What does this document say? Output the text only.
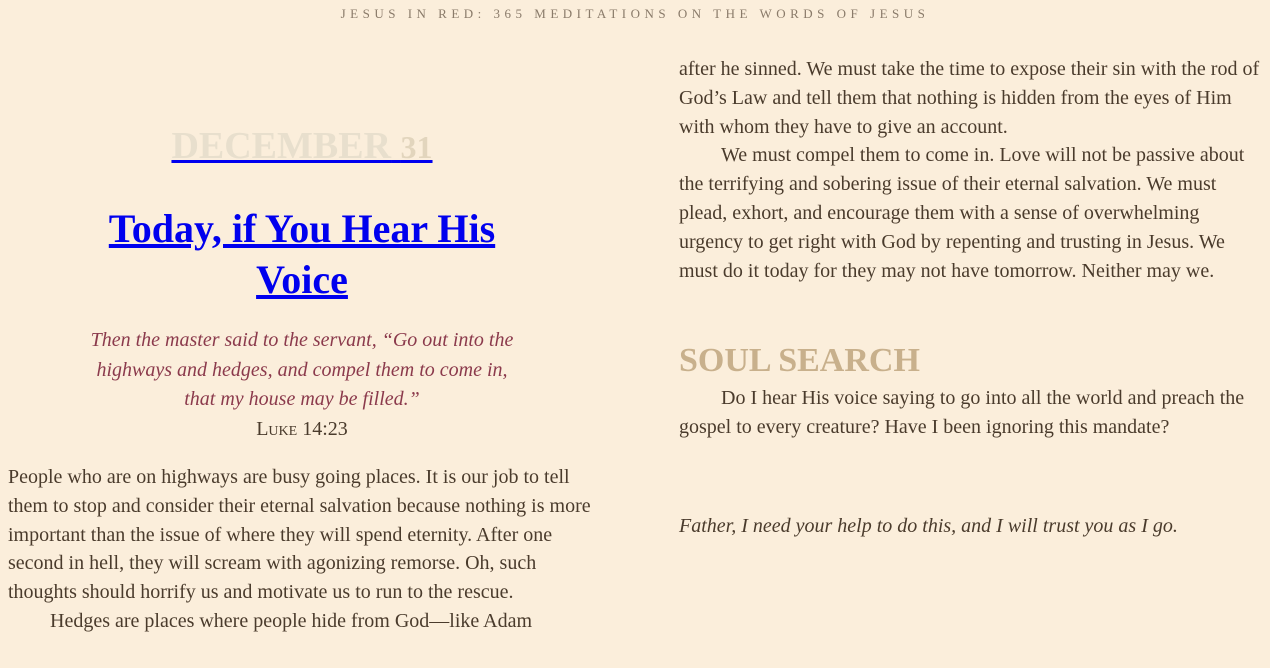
JESUS IN RED: 365 MEDITATIONS ON THE WORDS OF JESUS
DECEMBER 31
Today, if You Hear His
Voice

Then the master said to the servant, “Go out into the
highways and hedges, and compel them to come in,
that my house may be filled.”

Luke 14:23

People who are on highways are busy going places. It is our job to tell them to stop and consider their eternal salvation because nothing is more important than the issue of where they will spend eternity. After one second in hell, they will scream with agonizing remorse. Oh, such thoughts should horrify us and motivate us to run to the rescue.

Hedges are places where people hide from God—like Adam

after he sinned. We must take the time to expose their sin with the rod of God’s Law and tell them that nothing is hidden from the eyes of Him with whom they have to give an account.

We must compel them to come in. Love will not be passive about the terrifying and sobering issue of their eternal salvation. We must plead, exhort, and encourage them with a sense of overwhelming urgency to get right with God by repenting and trusting in Jesus. We must do it today for they may not have tomorrow. Neither may we.

SOUL SEARCH

Do I hear His voice saying to go into all the world and preach the gospel to every creature? Have I been ignoring this mandate?

Father, I need your help to do this, and I will trust you as I go.
